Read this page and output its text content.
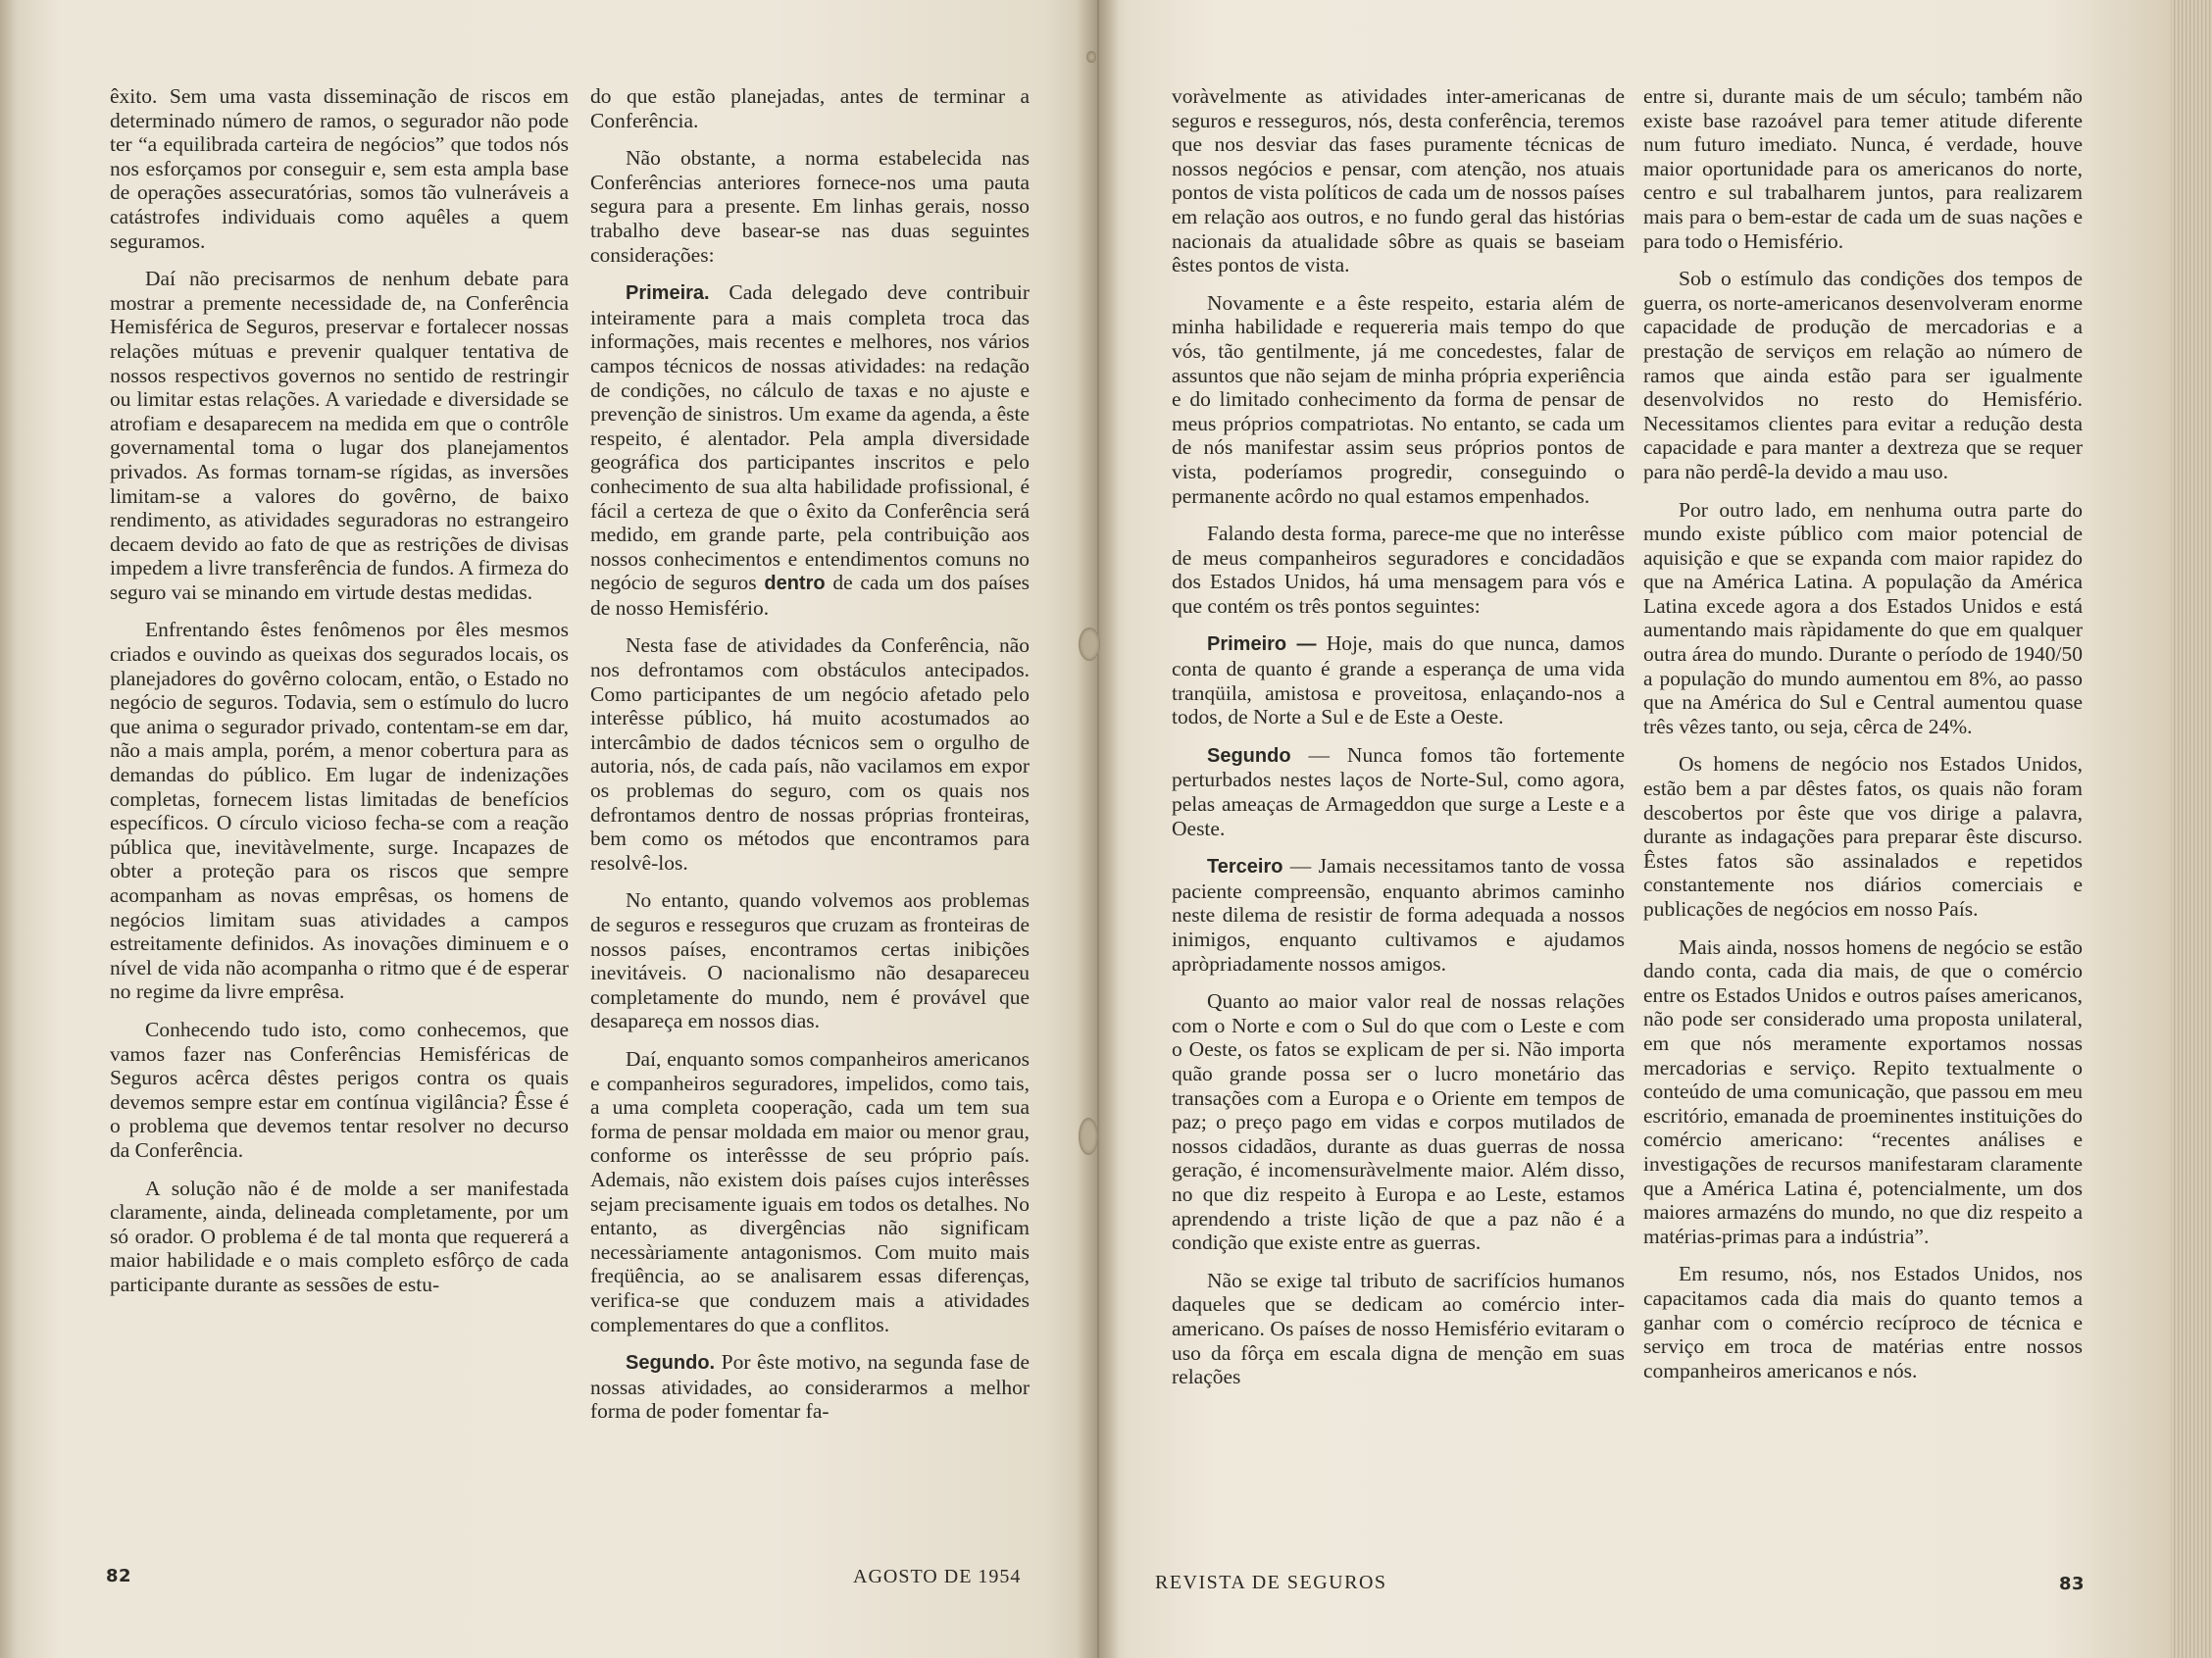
êxito. Sem uma vasta disseminação de riscos em determinado número de ramos, o segurador não pode ter “a equilibrada carteira de negócios” que todos nós nos esforçamos por conseguir e, sem esta ampla base de operações assecuratórias, somos tão vulneráveis a catástrofes individuais como aquêles a quem seguramos.

Daí não precisarmos de nenhum debate para mostrar a premente necessidade de, na Conferência Hemisférica de Seguros, preservar e fortalecer nossas relações mútuas e prevenir qualquer tentativa de nossos respectivos governos no sentido de restringir ou limitar estas relações. A variedade e diversidade se atrofiam e desaparecem na medida em que o contrôle governamental toma o lugar dos planejamentos privados. As formas tornam-se rígidas, as inversões limitam-se a valores do govêrno, de baixo rendimento, as atividades seguradoras no estrangeiro decaem devido ao fato de que as restrições de divisas impedem a livre transferência de fundos. A firmeza do seguro vai se minando em virtude destas medidas.

Enfrentando êstes fenômenos por êles mesmos criados e ouvindo as queixas dos segurados locais, os planejadores do govêrno colocam, então, o Estado no negócio de seguros. Todavia, sem o estímulo do lucro que anima o segurador privado, contentam-se em dar, não a mais ampla, porém, a menor cobertura para as demandas do público. Em lugar de indenizações completas, fornecem listas limitadas de benefícios específicos. O círculo vicioso fecha-se com a reação pública que, inevitàvelmente, surge. Incapazes de obter a proteção para os riscos que sempre acompanham as novas emprêsas, os homens de negócios limitam suas atividades a campos estreitamente definidos. As inovações diminuem e o nível de vida não acompanha o ritmo que é de esperar no regime da livre emprêsa.

Conhecendo tudo isto, como conhecemos, que vamos fazer nas Conferências Hemisféricas de Seguros acêrca dêstes perigos contra os quais devemos sempre estar em contínua vigilância? Êsse é o problema que devemos tentar resolver no decurso da Conferência.

A solução não é de molde a ser manifestada claramente, ainda, delineada completamente, por um só orador. O problema é de tal monta que requererá a maior habilidade e o mais completo esfôrço de cada participante durante as sessões de estu-

do que estão planejadas, antes de terminar a Conferência.

Não obstante, a norma estabelecida nas Conferências anteriores fornece-nos uma pauta segura para a presente. Em linhas gerais, nosso trabalho deve basear-se nas duas seguintes considerações:

Primeira. Cada delegado deve contribuir inteiramente para a mais completa troca das informações, mais recentes e melhores, nos vários campos técnicos de nossas atividades: na redação de condições, no cálculo de taxas e no ajuste e prevenção de sinistros. Um exame da agenda, a êste respeito, é alentador. Pela ampla diversidade geográfica dos participantes inscritos e pelo conhecimento de sua alta habilidade profissional, é fácil a certeza de que o êxito da Conferência será medido, em grande parte, pela contribuição aos nossos conhecimentos e entendimentos comuns no negócio de seguros dentro de cada um dos países de nosso Hemisfério.

Nesta fase de atividades da Conferência, não nos defrontamos com obstáculos antecipados. Como participantes de um negócio afetado pelo interêsse público, há muito acostumados ao intercâmbio de dados técnicos sem o orgulho de autoria, nós, de cada país, não vacilamos em expor os problemas do seguro, com os quais nos defrontamos dentro de nossas próprias fronteiras, bem como os métodos que encontramos para resolvê-los.

No entanto, quando volvemos aos problemas de seguros e resseguros que cruzam as fronteiras de nossos países, encontramos certas inibições inevitáveis. O nacionalismo não desapareceu completamente do mundo, nem é provável que desapareça em nossos dias.

Daí, enquanto somos companheiros americanos e companheiros seguradores, impelidos, como tais, a uma completa cooperação, cada um tem sua forma de pensar moldada em maior ou menor grau, conforme os interêssse de seu próprio país. Ademais, não existem dois países cujos interêsses sejam precisamente iguais em todos os detalhes. No entanto, as divergências não significam necessàriamente antagonismos. Com muito mais freqüência, ao se analisarem essas diferenças, verifica-se que conduzem mais a atividades complementares do que a conflitos.

Segundo. Por êste motivo, na segunda fase de nossas atividades, ao considerarmos a melhor forma de poder fomentar fa-

82	AGOSTO DE 1954

voràvelmente as atividades inter-americanas de seguros e resseguros, nós, desta conferência, teremos que nos desviar das fases puramente técnicas de nossos negócios e pensar, com atenção, nos atuais pontos de vista políticos de cada um de nossos países em relação aos outros, e no fundo geral das histórias nacionais da atualidade sôbre as quais se baseiam êstes pontos de vista.

Novamente e a êste respeito, estaria além de minha habilidade e requereria mais tempo do que vós, tão gentilmente, já me concedestes, falar de assuntos que não sejam de minha própria experiência e do limitado conhecimento da forma de pensar de meus próprios compatriotas. No entanto, se cada um de nós manifestar assim seus próprios pontos de vista, poderíamos progredir, conseguindo o permanente acôrdo no qual estamos empenhados.

Falando desta forma, parece-me que no interêsse de meus companheiros seguradores e concidadãos dos Estados Unidos, há uma mensagem para vós e que contém os três pontos seguintes:

Primeiro — Hoje, mais do que nunca, damos conta de quanto é grande a esperança de uma vida tranqüila, amistosa e proveitosa, enlaçando-nos a todos, de Norte a Sul e de Este a Oeste.

Segundo — Nunca fomos tão fortemente perturbados nestes laços de Norte-Sul, como agora, pelas ameaças de Armageddon que surge a Leste e a Oeste.

Terceiro — Jamais necessitamos tanto de vossa paciente compreensão, enquanto abrimos caminho neste dilema de resistir de forma adequada a nossos inimigos, enquanto cultivamos e ajudamos apròpriadamente nossos amigos.

Quanto ao maior valor real de nossas relações com o Norte e com o Sul do que com o Leste e com o Oeste, os fatos se explicam de per si. Não importa quão grande possa ser o lucro monetário das transações com a Europa e o Oriente em tempos de paz; o preço pago em vidas e corpos mutilados de nossos cidadãos, durante as duas guerras de nossa geração, é incomensuràvelmente maior. Além disso, no que diz respeito à Europa e ao Leste, estamos aprendendo a triste lição de que a paz não é a condição que existe entre as guerras.

Não se exige tal tributo de sacrifícios humanos daqueles que se dedicam ao comércio inter-americano. Os países de nosso Hemisfério evitaram o uso da fôrça em escala digna de menção em suas relações

entre si, durante mais de um século; também não existe base razoável para temer atitude diferente num futuro imediato. Nunca, é verdade, houve maior oportunidade para os americanos do norte, centro e sul trabalharem juntos, para realizarem mais para o bem-estar de cada um de suas nações e para todo o Hemisfério.

Sob o estímulo das condições dos tempos de guerra, os norte-americanos desenvolveram enorme capacidade de produção de mercadorias e a prestação de serviços em relação ao número de ramos que ainda estão para ser igualmente desenvolvidos no resto do Hemisfério. Necessitamos clientes para evitar a redução desta capacidade e para manter a dextreza que se requer para não perdê-la devido a mau uso.

Por outro lado, em nenhuma outra parte do mundo existe público com maior potencial de aquisição e que se expanda com maior rapidez do que na América Latina. A população da América Latina excede agora a dos Estados Unidos e está aumentando mais ràpidamente do que em qualquer outra área do mundo. Durante o período de 1940/50 a população do mundo aumentou em 8%, ao passo que na América do Sul e Central aumentou quase três vêzes tanto, ou seja, cêrca de 24%.

Os homens de negócio nos Estados Unidos, estão bem a par dêstes fatos, os quais não foram descobertos por êste que vos dirige a palavra, durante as indagações para preparar êste discurso. Êstes fatos são assinalados e repetidos constantemente nos diários comerciais e publicações de negócios em nosso País.

Mais ainda, nossos homens de negócio se estão dando conta, cada dia mais, de que o comércio entre os Estados Unidos e outros países americanos, não pode ser considerado uma proposta unilateral, em que nós meramente exportamos nossas mercadorias e serviço. Repito textualmente o conteúdo de uma comunicação, que passou em meu escritório, emanada de proeminentes instituições do comércio americano: “recentes análises e investigações de recursos manifestaram claramente que a América Latina é, potencialmente, um dos maiores armazéns do mundo, no que diz respeito a matérias-primas para a indústria”.

Em resumo, nós, nos Estados Unidos, nos capacitamos cada dia mais do quanto temos a ganhar com o comércio recíproco de técnica e serviço em troca de matérias entre nossos companheiros americanos e nós.

REVISTA DE SEGUROS	83
